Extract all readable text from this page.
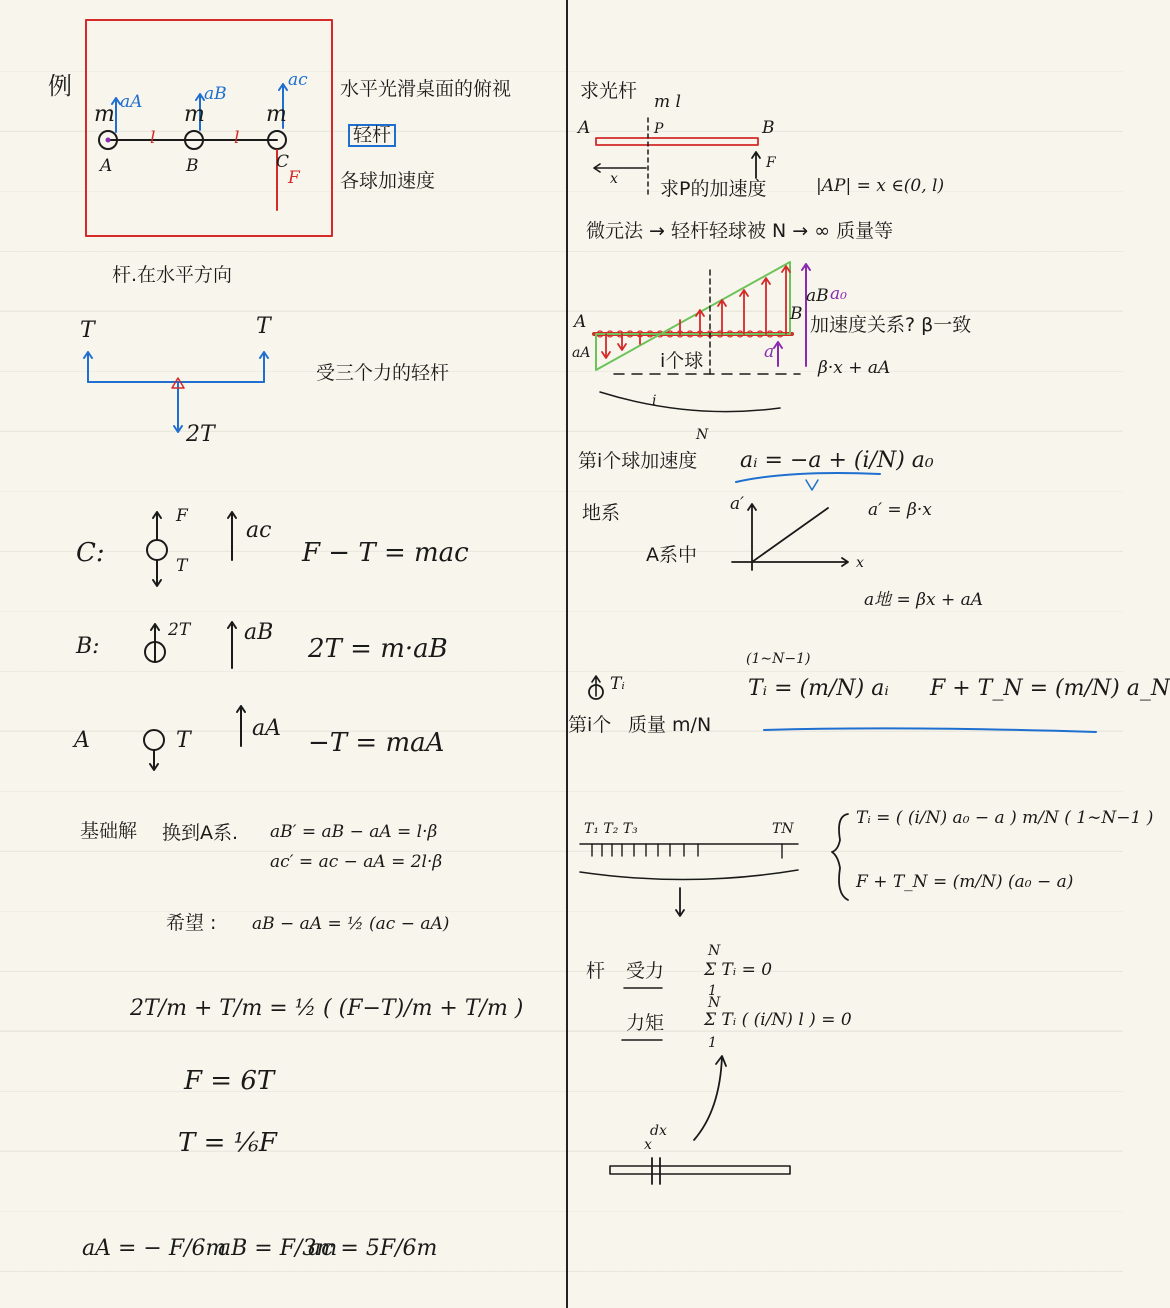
例
m	m	m
aA	aB
ac
A	B	C
l	l
F
水平光滑桌面的俯视
轻杆
各球加速度
杆.在水平方向
T	T
2T
受三个力的轻杆
C:
F
T
ac
F − T = mac
B:
2T aB
2T = m·aB
A	T	aA −T = maA
基础解 换到A系. aB′ = aB − aA = l·β
ac′ = ac − aA = 2l·β
希望 : aB − aA = ½ (ac − aA)
2T/m + T/m = ½ ( (F−T)/m + T/m )
F = 6T
T = ⅙F
aA = − F/6m
aB = F/3m
ac = 5F/6m
求光杆 m l
A	P	B
F
x 求P的加速度	|AP| = x ∈(0, l)
微元法 → 轻杆轻球被 N → ∞ 质量等
A	B
aB a₀
加速度关系? β一致
aA	i个球
i
a
β·x + aA
N
第i个球加速度 aᵢ = −a + (i/N) a₀
地系
A系中
a′
x
a′ = β·x
a地 = βx + aA
Tᵢ
第i个 质量 m/N
(1∼N−1)
Tᵢ = (m/N) aᵢ F + T_N = (m/N) a_N
T₁ T₂ T₃	TN
Tᵢ = ( (i/N) a₀ − a ) m/N ( 1∼N−1 )
F + T_N = (m/N) (a₀ − a)
杆 受力
力矩
N
1
Σ Tᵢ = 0
N
1
Σ Tᵢ ( (i/N) l ) = 0
dx
x
